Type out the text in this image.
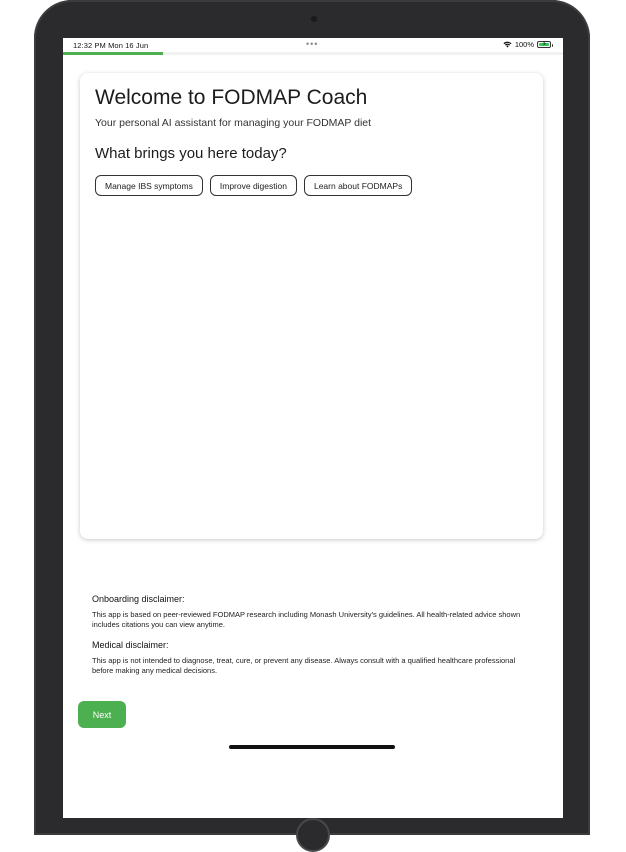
12:32 PM Mon 16 Jun	•••	100% ⚡
Welcome to FODMAP Coach
Your personal AI assistant for managing your FODMAP diet
What brings you here today?
Manage IBS symptoms	Improve digestion	Learn about FODMAPs
Onboarding disclaimer:
This app is based on peer-reviewed FODMAP research including Monash University's guidelines. All health-related advice shown includes citations you can view anytime.
Medical disclaimer:
This app is not intended to diagnose, treat, cure, or prevent any disease. Always consult with a qualified healthcare professional before making any medical decisions.
Next
